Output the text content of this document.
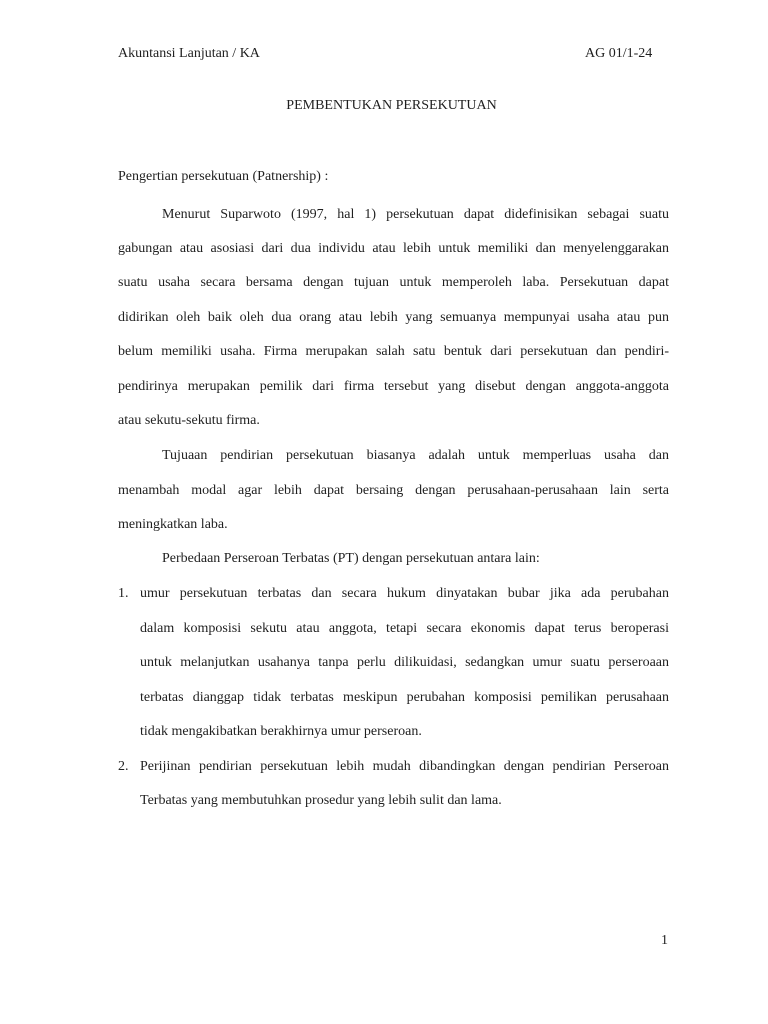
Akuntansi Lanjutan / KA	AG 01/1-24
PEMBENTUKAN PERSEKUTUAN
Pengertian persekutuan (Patnership) :
Menurut Suparwoto (1997, hal 1) persekutuan dapat didefinisikan sebagai suatu
gabungan atau asosiasi dari dua individu atau lebih untuk memiliki dan menyelenggarakan
suatu usaha secara bersama dengan tujuan untuk memperoleh laba. Persekutuan dapat
didirikan oleh baik oleh dua orang atau lebih yang semuanya mempunyai usaha atau pun
belum memiliki usaha. Firma merupakan salah satu bentuk dari persekutuan dan pendiri-
pendirinya merupakan pemilik dari firma tersebut yang disebut dengan anggota-anggota
atau sekutu-sekutu firma.
Tujuaan pendirian persekutuan biasanya adalah untuk memperluas usaha dan
menambah modal agar lebih dapat bersaing dengan perusahaan-perusahaan lain serta
meningkatkan laba.
Perbedaan Perseroan Terbatas (PT) dengan persekutuan antara lain:
1. umur persekutuan terbatas dan secara hukum dinyatakan bubar jika ada perubahan
dalam komposisi sekutu atau anggota, tetapi secara ekonomis dapat terus beroperasi
untuk melanjutkan usahanya tanpa perlu dilikuidasi, sedangkan umur suatu perseroaan
terbatas dianggap tidak terbatas meskipun perubahan komposisi pemilikan perusahaan
tidak mengakibatkan berakhirnya umur perseroan.
2. Perijinan pendirian persekutuan lebih mudah dibandingkan dengan pendirian Perseroan
Terbatas yang membutuhkan prosedur yang lebih sulit dan lama.
1
